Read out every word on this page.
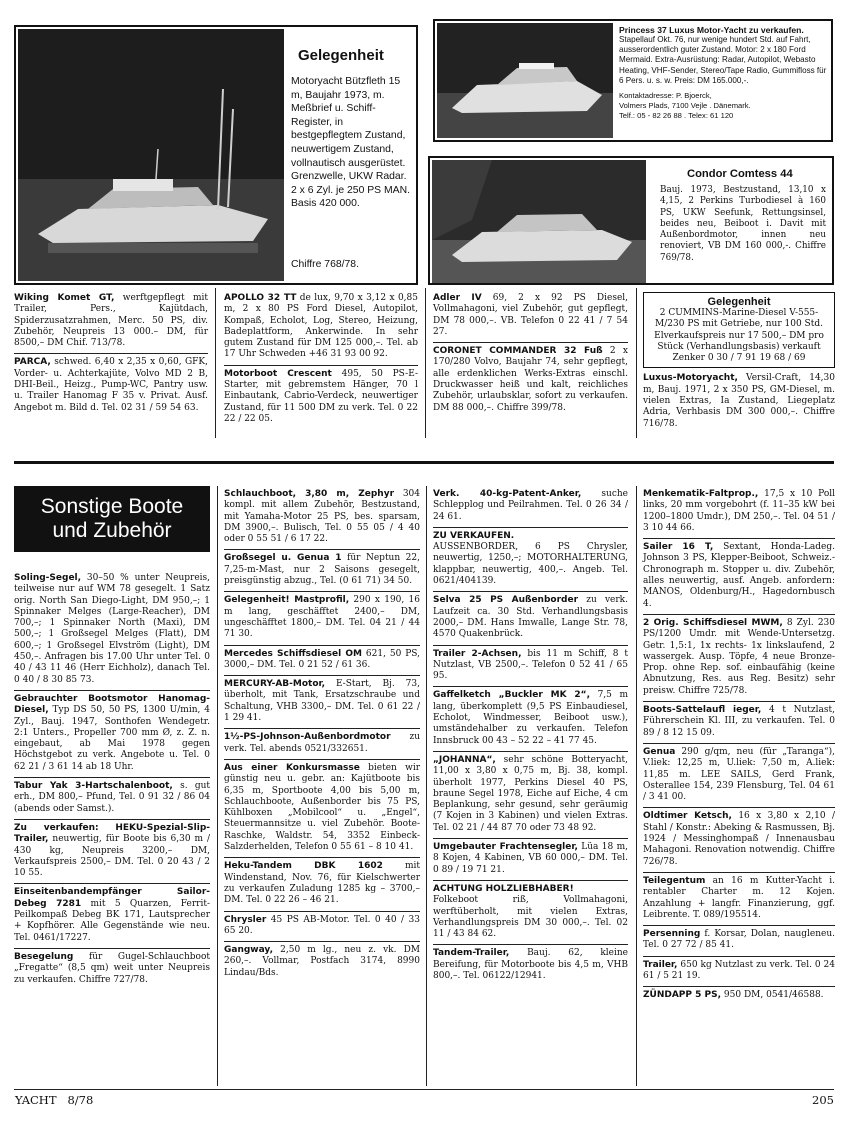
Gelegenheit
Motoryacht Bützfleth 15 m, Baujahr 1973, m. Meßbrief u. Schiff-Register, in bestgepflegtem Zustand, neuwertigem Zustand, vollnautisch ausgerüstet. Grenzwelle, UKW Radar. 2 x 6 Zyl. je 250 PS MAN. Basis 420 000.
Chiffre 768/78.
Princess 37 Luxus Motor-Yacht zu verkaufen.
Stapellauf Okt. 76, nur wenige hundert Std. auf Fahrt, ausserordentlich guter Zustand. Motor: 2 x 180 Ford Mermaid. Extra-Ausrüstung: Radar, Autopilot, Webasto Heating, VHF-Sender, Stereo/Tape Radio, Gummifloss für 6 Pers. u. s. w. Preis: DM 165.000,-.
Kontaktadresse: P. Bjoerck,
Volmers Plads, 7100 Vejle . Dänemark.
Telf.: 05 - 82 26 88 . Telex: 61 120
Condor Comtess 44
Bauj. 1973, Bestzustand, 13,10 x 4,15, 2 Perkins Turbodiesel à 160 PS, UKW Seefunk, Rettungsinsel, beides neu, Beiboot i. Davit mit Außenbordmotor, innen neu renoviert, VB DM 160 000,-. Chiffre 769/78.
Wiking Komet GT, werftgepflegt mit Trailer, Pers., Kajütdach, Spiderzusatzrahmen, Merc. 50 PS, div. Zubehör, Neupreis 13 000.– DM, für 8500,– DM Chif. 713/78.
PARCA, schwed. 6,40 x 2,35 x 0,60, GFK, Vorder- u. Achterkajüte, Volvo MD 2 B, DHI-Beil., Heizg., Pump-WC, Pantry usw. u. Trailer Hanomag F 35 v. Privat. Ausf. Angebot m. Bild d. Tel. 02 31 / 59 54 63.
APOLLO 32 TT de lux, 9,70 x 3,12 x 0,85 m, 2 x 80 PS Ford Diesel, Autopilot, Kompaß, Echolot, Log, Stereo, Heizung, Badeplattform, Ankerwinde. In sehr gutem Zustand für DM 125 000,–. Tel. ab 17 Uhr Schweden +46 31 93 00 92.
Motorboot Crescent 495, 50 PS-E-Starter, mit gebremstem Hänger, 70 l Einbautank, Cabrio-Verdeck, neuwertiger Zustand, für 11 500 DM zu verk. Tel. 0 22 22 / 22 05.
Adler IV 69, 2 x 92 PS Diesel, Vollmahagoni, viel Zubehör, gut gepflegt, DM 78 000,–. VB. Telefon 0 22 41 / 7 54 27.
CORONET COMMANDER 32 Fuß 2 x 170/280 Volvo, Baujahr 74, sehr gepflegt, alle erdenklichen Werks-Extras einschl. Druckwasser heiß und kalt, reichliches Zubehör, urlaubsklar, sofort zu verkaufen. DM 88 000,–. Chiffre 399/78.
Gelegenheit
2 CUMMINS-Marine-Diesel V-555-M/230 PS mit Getriebe, nur 100 Std. Elverkaufspreis nur 17 500,– DM pro Stück (Verhandlungsbasis) verkauft Zenker 0 30 / 7 91 19 68 / 69
Luxus-Motoryacht, Versil-Craft, 14,30 m, Bauj. 1971, 2 x 350 PS, GM-Diesel, m. vielen Extras, Ia Zustand, Liegeplatz Adria, Verhbasis DM 300 000,–. Chiffre 716/78.
Sonstige Boote
und Zubehör
Soling-Segel, 30–50 % unter Neupreis, teilweise nur auf WM 78 gesegelt. 1 Satz orig. North San Diego-Light, DM 950,–; 1 Spinnaker Melges (Large-Reacher), DM 700,–; 1 Spinnaker North (Maxi), DM 500,–; 1 Großsegel Melges (Flatt), DM 600,–; 1 Großsegel Elvström (Light), DM 450,–. Anfragen bis 17.00 Uhr unter Tel. 0 40 / 43 11 46 (Herr Eichholz), danach Tel. 0 40 / 8 30 85 73.
Gebrauchter Bootsmotor Hanomag-Diesel, Typ DS 50, 50 PS, 1300 U/min, 4 Zyl., Bauj. 1947, Sonthofen Wendegetr. 2:1 Unters., Propeller 700 mm Ø, z. Z. n. eingebaut, ab Mai 1978 gegen Höchstgebot zu verk. Angebote u. Tel. 0 62 21 / 3 61 14 ab 18 Uhr.
Tabur Yak 3-Hartschalenboot, s. gut erh., DM 800,– Pfund, Tel. 0 91 32 / 86 04 (abends oder Samst.).
Zu verkaufen: HEKU-Spezial-Slip-Trailer, neuwertig, für Boote bis 6,30 m / 430 kg, Neupreis 3200,– DM, Verkaufspreis 2500,– DM. Tel. 0 20 43 / 2 10 55.
Einseitenbandempfänger Sailor-Debeg 7281 mit 5 Quarzen, Ferrit-Peilkompaß Debeg BK 171, Lautsprecher + Kopfhörer. Alle Gegenstände wie neu. Tel. 0461/17227.
Besegelung für Gugel-Schlauchboot „Fregatte“ (8,5 qm) weit unter Neupreis zu verkaufen. Chiffre 727/78.
Schlauchboot, 3,80 m, Zephyr 304 kompl. mit allem Zubehör, Bestzustand, mit Yamaha-Motor 25 PS, bes. sparsam, DM 3900,–. Bulisch, Tel. 0 55 05 / 4 40 oder 0 55 51 / 6 17 22.
Großsegel u. Genua 1 für Neptun 22, 7,25-m-Mast, nur 2 Saisons gesegelt, preisgünstig abzug., Tel. (0 61 71) 34 50.
Gelegenheit! Mastprofil, 290 x 190, 16 m lang, geschäfftet 2400,– DM, ungeschäfftet 1800,– DM. Tel. 04 21 / 44 71 30.
Mercedes Schiffsdiesel OM 621, 50 PS, 3000,– DM. Tel. 0 21 52 / 61 36.
MERCURY-AB-Motor, E-Start, Bj. 73, überholt, mit Tank, Ersatzschraube und Schaltung, VHB 3300,– DM. Tel. 0 61 22 / 1 29 41.
1½-PS-Johnson-Außenbordmotor zu verk. Tel. abends 0521/332651.
Aus einer Konkursmasse bieten wir günstig neu u. gebr. an: Kajütboote bis 6,35 m, Sportboote 4,00 bis 5,00 m, Schlauchboote, Außenborder bis 75 PS, Kühlboxen „Mobilcool“ u. „Engel“, Steuermannsitze u. viel Zubehör. Boote-Raschke, Waldstr. 54, 3352 Einbeck-Salzderhelden, Telefon 0 55 61 – 8 10 41.
Heku-Tandem DBK 1602 mit Windenstand, Nov. 76, für Kielschwerter zu verkaufen Zuladung 1285 kg – 3700,– DM. Tel. 0 22 26 – 46 21.
Chrysler 45 PS AB-Motor. Tel. 0 40 / 33 65 20.
Gangway, 2,50 m lg., neu z. vk. DM 260,–. Vollmar, Postfach 3174, 8990 Lindau/Bds.
Verk. 40-kg-Patent-Anker, suche Schlepplog und Peilrahmen. Tel. 0 26 34 / 24 61.
ZU VERKAUFEN.
AUSSENBORDER, 6 PS Chrysler, neuwertig, 1250,–; MOTORHALTERUNG, klappbar, neuwertig, 400,–. Angeb. Tel. 0621/404139.
Selva 25 PS Außenborder zu verk. Laufzeit ca. 30 Std. Verhandlungsbasis 2000,– DM. Hans Imwalle, Lange Str. 78, 4570 Quakenbrück.
Trailer 2-Achsen, bis 11 m Schiff, 8 t Nutzlast, VB 2500,–. Telefon 0 52 41 / 65 95.
Gaffelketch „Buckler MK 2“, 7,5 m lang, überkomplett (9,5 PS Einbaudiesel, Echolot, Windmesser, Beiboot usw.), umständehalber zu verkaufen. Telefon Innsbruck 00 43 – 52 22 – 41 77 45.
„JOHANNA“, sehr schöne Botteryacht, 11,00 x 3,80 x 0,75 m, Bj. 38, kompl. überholt 1977, Perkins Diesel 40 PS, braune Segel 1978, Eiche auf Eiche, 4 cm Beplankung, sehr gesund, sehr geräumig (7 Kojen in 3 Kabinen) und vielen Extras. Tel. 02 21 / 44 87 70 oder 73 48 92.
Umgebauter Frachtensegler, Lüa 18 m, 8 Kojen, 4 Kabinen, VB 60 000,– DM. Tel. 0 89 / 19 71 21.
ACHTUNG HOLZLIEBHABER!
Folkeboot riß, Vollmahagoni, werftüberholt, mit vielen Extras, Verhandlungspreis DM 30 000,–. Tel. 02 11 / 43 84 62.
Tandem-Trailer, Bauj. 62, kleine Bereifung, für Motorboote bis 4,5 m, VHB 800,–. Tel. 06122/12941.
Menkematik-Faltprop., 17,5 x 10 Poll links, 20 mm vorgebohrt (f. 11–35 kW bei 1200–1800 Umdr.), DM 250,–. Tel. 04 51 / 3 10 44 66.
Sailer 16 T, Sextant, Honda-Ladeg. Johnson 3 PS, Klepper-Beiboot, Schweiz.-Chronograph m. Stopper u. div. Zubehör, alles neuwertig, ausf. Angeb. anfordern: MANOS, Oldenburg/H., Hagedornbusch 4.
2 Orig. Schiffsdiesel MWM, 8 Zyl. 230 PS/1200 Umdr. mit Wende-Untersetzg. Getr. 1,5:1, 1x rechts- 1x linkslaufend, 2 wassergek. Ausp. Töpfe, 4 neue Bronze-Prop. ohne Rep. sof. einbaufähig (keine Abnutzung, Res. aus Reg. Besitz) sehr preisw. Chiffre 725/78.
Boots-Sattelaufl ieger, 4 t Nutzlast, Führerschein Kl. III, zu verkaufen. Tel. 0 89 / 8 12 15 09.
Genua 290 g/qm, neu (für „Taranga“), V.liek: 12,25 m, U.liek: 7,50 m, A.liek: 11,85 m. LEE SAILS, Gerd Frank, Osterallee 154, 239 Flensburg, Tel. 04 61 / 3 41 00.
Oldtimer Ketsch, 16 x 3,80 x 2,10 / Stahl / Konstr.: Abeking & Rasmussen, Bj. 1924 / Messinghompaß / Innenausbau Mahagoni. Renovation notwendig. Chiffre 726/78.
Teilegentum an 16 m Kutter-Yacht i. rentabler Charter m. 12 Kojen. Anzahlung + langfr. Finanzierung, ggf. Leibrente. T. 089/195514.
Persenning f. Korsar, Dolan, naugleneu. Tel. 0 27 72 / 85 41.
Trailer, 650 kg Nutzlast zu verk. Tel. 0 24 61 / 5 21 19.
ZÜNDAPP 5 PS, 950 DM, 0541/46588.
YACHT   8/78	205
